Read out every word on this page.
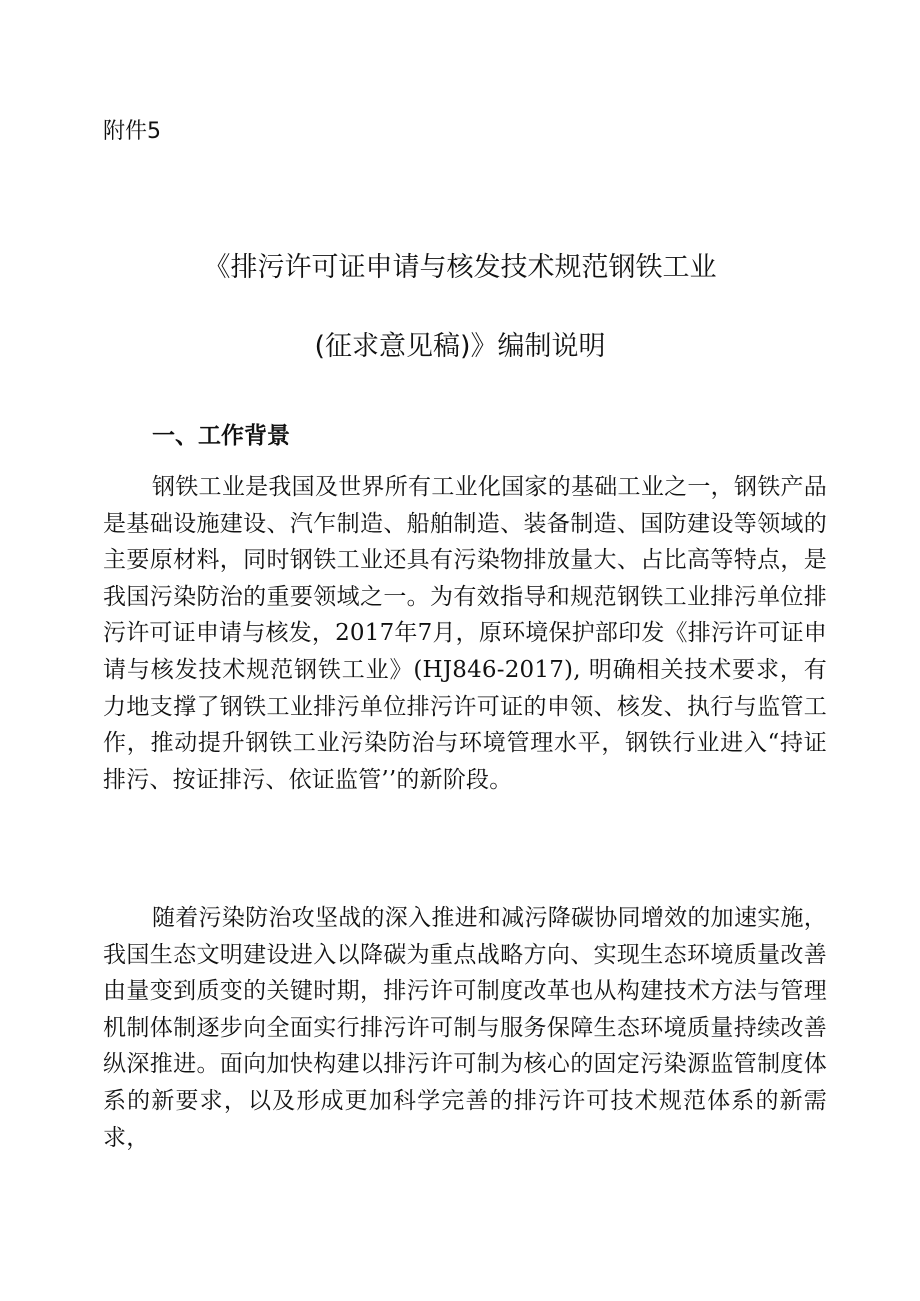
附件5
《排污许可证申请与核发技术规范钢铁工业
(征求意见稿)》编制说明
一、工作背景

钢铁工业是我国及世界所有工业化国家的基础工业之一，钢铁产品是基础设施建设、汽乍制造、船舶制造、装备制造、国防建设等领域的主要原材料，同时钢铁工业还具有污染物排放量大、占比高等特点，是我国污染防治的重要领域之一。为有效指导和规范钢铁工业排污单位排污许可证申请与核发，2017年7月，原环境保护部印发《排污许可证申请与核发技术规范钢铁工业》(HJ846-2017), 明确相关技术要求，有力地支撑了钢铁工业排污单位排污许可证的申领、核发、执行与监管工作，推动提升钢铁工业污染防治与环境管理水平，钢铁行业进入“持证排污、按证排污、依证监管’’的新阶段。

随着污染防治攻坚战的深入推进和减污降碳协同增效的加速实施，我国生态文明建设进入以降碳为重点战略方向、实现生态环境质量改善由量变到质变的关键时期，排污许可制度改革也从构建技术方法与管理机制体制逐步向全面实行排污许可制与服务保障生态环境质量持续改善纵深推进。面向加快构建以排污许可制为核心的固定污染源监管制度体系的新要求，以及形成更加科学完善的排污许可技术规范体系的新需求，
